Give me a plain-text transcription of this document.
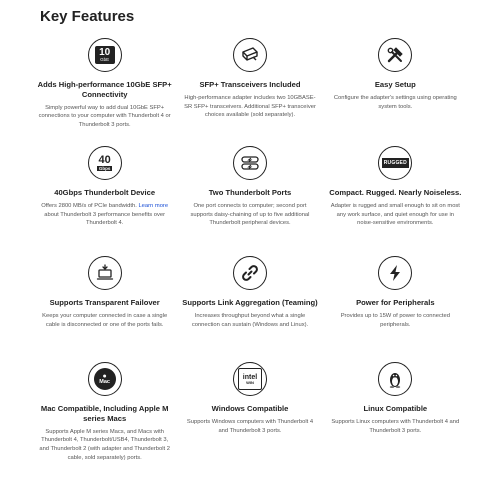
Key Features
10
GbE
Adds High-performance 10GbE SFP+ Connectivity
Simply powerful way to add dual 10GbE SFP+ connections to your computer with Thunderbolt 4 or Thunderbolt 3 ports.
SFP+ Transceivers Included
High-performance adapter includes two 10GBASE-SR SFP+ transceivers. Additional SFP+ transceiver choices available (sold separately).
Easy Setup
Configure the adapter's settings using operating system tools.
40
Gbps
40Gbps Thunderbolt Device
Offers 2800 MB/s of PCIe bandwidth. Learn more about Thunderbolt 3 performance benefits over Thunderbolt 4.
Two Thunderbolt Ports
One port connects to computer; second port supports daisy-chaining of up to five additional Thunderbolt peripheral devices.
RUGGED
Compact. Rugged. Nearly Noiseless.
Adapter is rugged and small enough to sit on most any work surface, and quiet enough for use in noise-sensitive environments.
Supports Transparent Failover
Keeps your computer connected in case a single cable is disconnected or one of the ports fails.
Supports Link Aggregation (Teaming)
Increases throughput beyond what a single connection can sustain (Windows and Linux).
Power for Peripherals
Provides up to 15W of power to connected peripherals.
●
Mac
Mac Compatible, Including Apple M series Macs
Supports Apple M series Macs, and Macs with Thunderbolt 4, Thunderbolt/USB4, Thunderbolt 3, and Thunderbolt 2 (with adapter and Thunderbolt 2 cable, sold separately) ports.
intel
WIN
Windows Compatible
Supports Windows computers with Thunderbolt 4 and Thunderbolt 3 ports.
Linux Compatible
Supports Linux computers with Thunderbolt 4 and Thunderbolt 3 ports.
